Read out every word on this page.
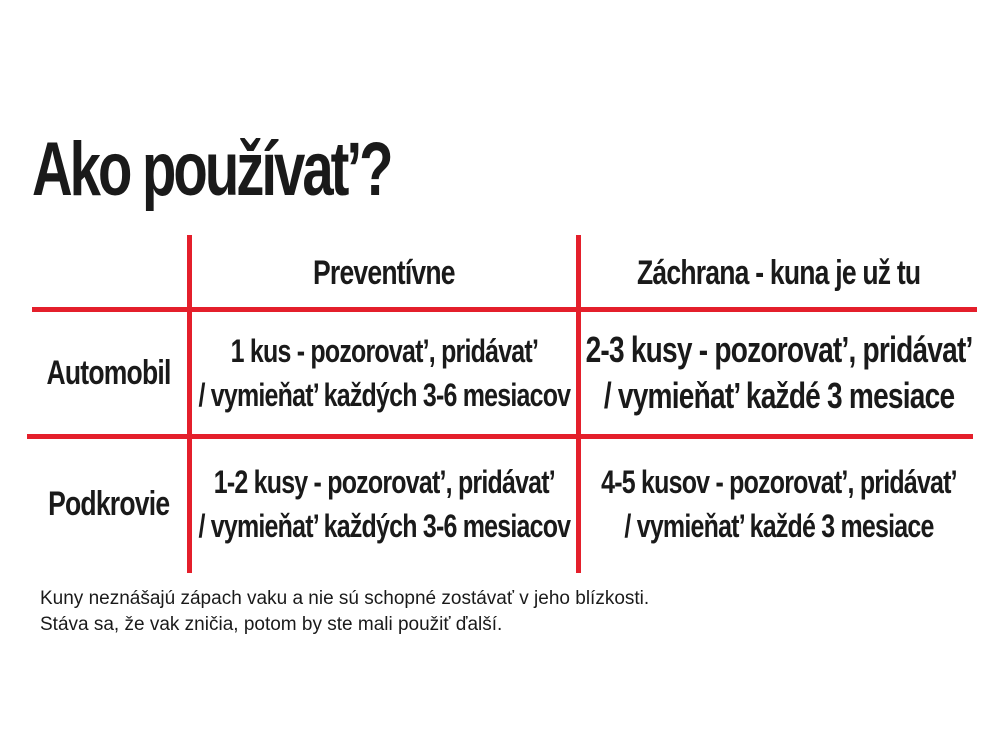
Ako používat’?
Preventívne	Záchrana - kuna je už tu
Automobil
1 kus - pozorovat’, pridávat’
/ vymieňat’ každých 3-6 mesiacov
2-3 kusy - pozorovat’, pridávat’
/ vymieňat’ každé 3 mesiace
Podkrovie
1-2 kusy - pozorovat’, pridávat’
/ vymieňat’ každých 3-6 mesiacov
4-5 kusov - pozorovat’, pridávat’
/ vymieňat’ každé 3 mesiace

Kuny neznášajú zápach vaku a nie sú schopné zostávať v jeho blízkosti.
Stáva sa, že vak zničia, potom by ste mali použiť ďalší.
